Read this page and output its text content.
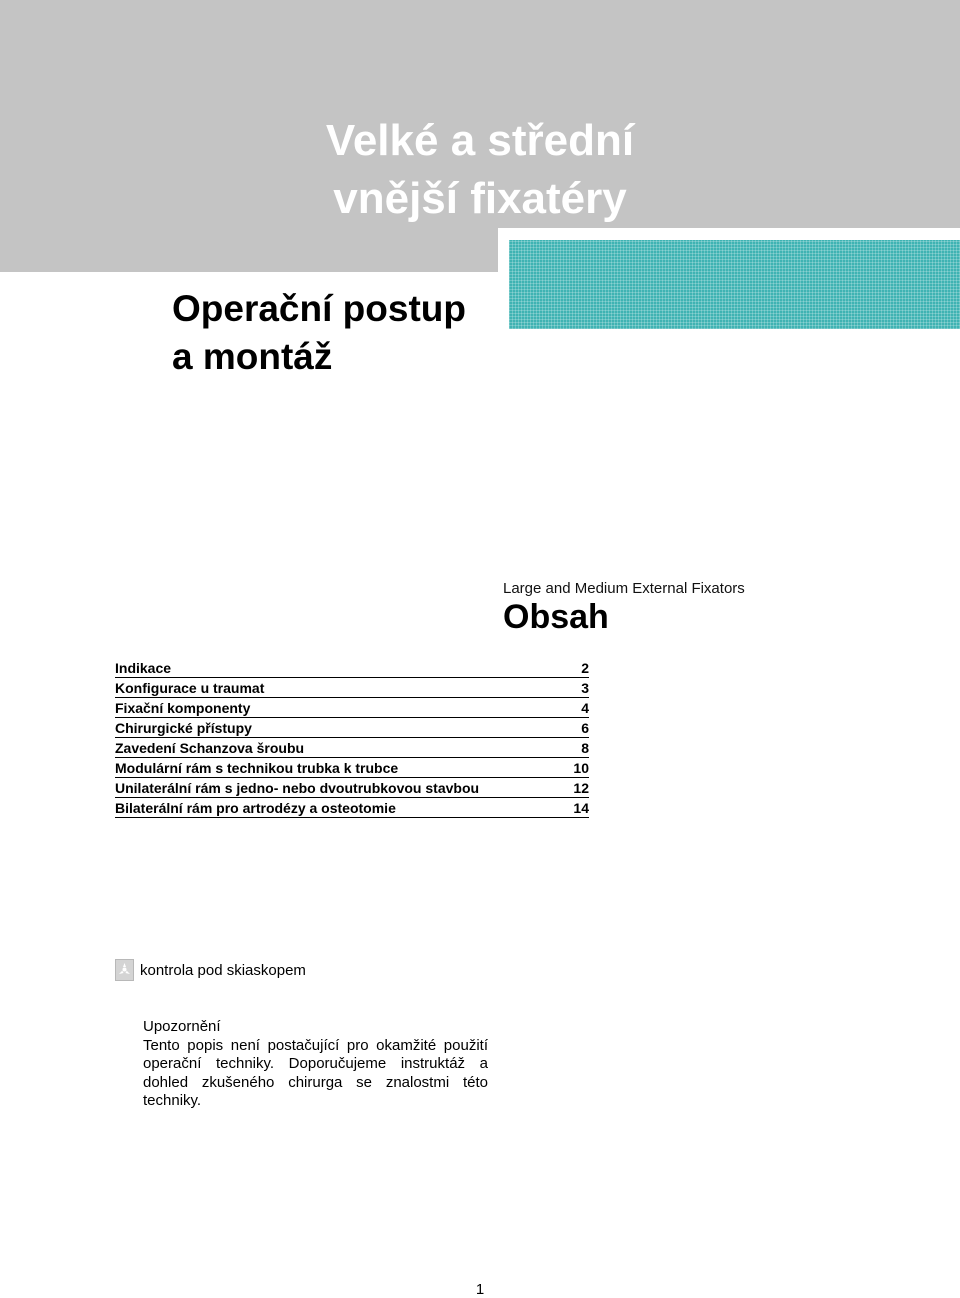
Velké a střední
vnější fixatéry
Operační postup
a montáž
Large and Medium External Fixators
Obsah
Indikace	2
Konfigurace u traumat	3
Fixační komponenty	4
Chirurgické přístupy	6
Zavedení Schanzova šroubu	8
Modulární rám s technikou trubka k trubce	10
Unilaterální rám s jedno- nebo dvoutrubkovou stavbou	12
Bilaterální rám pro artrodézy a osteotomie	14
kontrola pod skiaskopem
Upozornění
Tento popis není postačující pro okamžité použití operační techniky. Doporučujeme instruktáž a dohled zkušeného chirurga se znalostmi této techniky.
1
